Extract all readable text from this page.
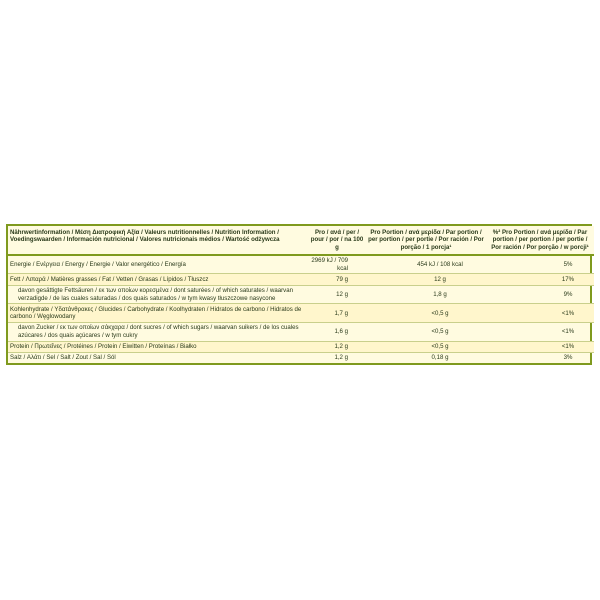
Nährwertinformation / Μέση Διατροφική Αξία / Valeurs nutritionnelles / Nutrition Information / Voedingswaarden / Información nutricional / Valores nutricionais médios / Wartość odżywcza	Pro / ανά / per / pour / por / na 100 g	Pro Portion / ανά μερίδα / Par portion / per portion / per portie / Por ración / Por porção / 1 porcja¹	%² Pro Portion / ανά μερίδα / Par portion / per portion / per portie / Por ración / Por porção / w porcji¹
Energie / Ενέργεια / Energy / Energie / Valor energético / Energía	2969 kJ / 709 kcal	454 kJ / 108 kcal	5%
Fett / Λιπαρά / Matières grasses / Fat / Vetten / Grasas / Lípidos / Tłuszcz	79 g	12 g	17%
davon gesättigte Fettsäuren / εκ των οποίων κορεσμένα / dont saturées / of which saturates / waarvan verzadigde / de las cuales saturadas / dos quais saturados / w tym kwasy tłuszczowe nasycone	12 g	1,8 g	9%
Kohlenhydrate / Υδατάνθρακες / Glucides / Carbohydrate / Koolhydraten / Hidratos de carbono / Hidratos de carbono / Węglowodany	1,7 g	<0,5 g	<1%
davon Zucker / εκ των οποίων σάκχαρα / dont sucres / of which sugars / waarvan suikers / de los cuales azúcares / dos quais açúcares / w tym cukry	1,6 g	<0,5 g	<1%
Protein / Πρωτεΐνες / Protéines / Protein / Eiwitten / Proteínas / Białko	1,2 g	<0,5 g	<1%
Salz / Αλάτι / Sel / Salt / Zout / Sal / Sól	1,2 g	0,18 g	3%
